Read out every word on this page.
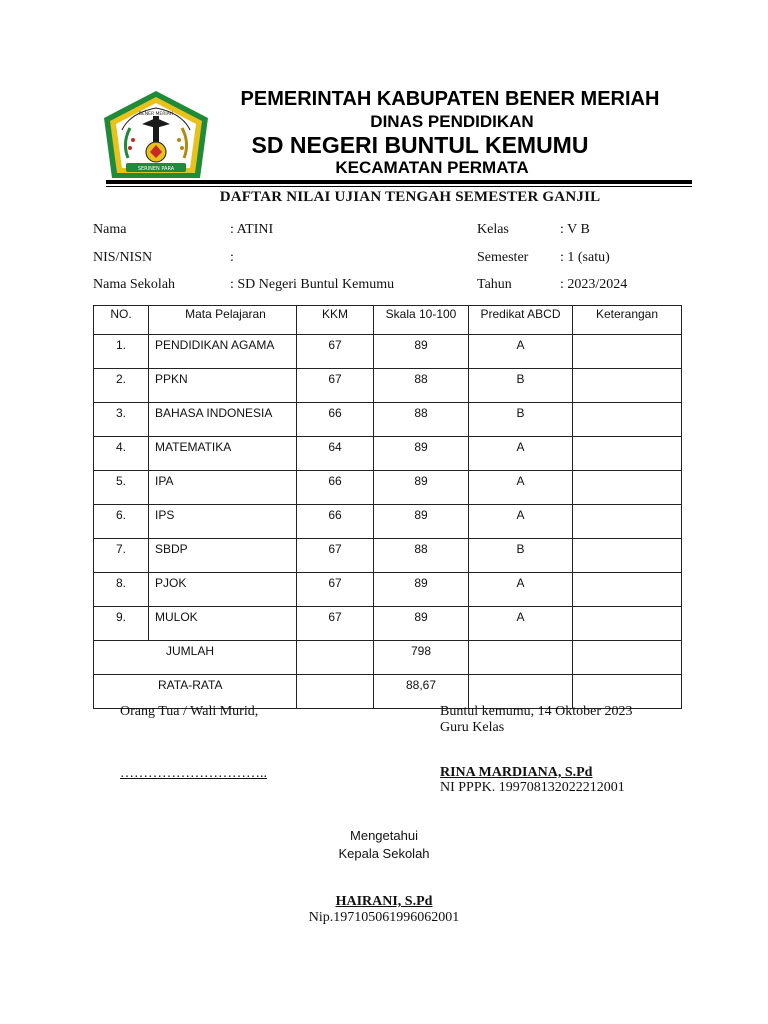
SERINEN PARA
BENER MERIAH
PEMERINTAH KABUPATEN BENER MERIAH
DINAS PENDIDIKAN
SD NEGERI BUNTUL KEMUMU
KECAMATAN PERMATA
DAFTAR NILAI UJIAN TENGAH SEMESTER GANJIL
Nama	: ATINI
NIS/NISN	:
Nama Sekolah	: SD Negeri Buntul Kemumu
Kelas	: V B
Semester : 1 (satu)
Tahun	: 2023/2024
NO.	Mata Pelajaran	KKM	Skala 10-100	Predikat ABCD	Keterangan
1.	PENDIDIKAN AGAMA	67	89	A	
2.	PPKN	67	88	B	
3.	BAHASA INDONESIA	66	88	B	
4.	MATEMATIKA	64	89	A	
5.	IPA	66	89	A	
6.	IPS	66	89	A	
7.	SBDP	67	88	B	
8.	PJOK	67	89	A	
9.	MULOK	67	89	A	
JUMLAH			798		
RATA-RATA			88,67		
Orang Tua / Wali Murid,
…………………………..
Buntul kemumu, 14 Oktober 2023
Guru Kelas
RINA MARDIANA, S.Pd
NI PPPK. 199708132022212001
Mengetahui
Kepala Sekolah
HAIRANI, S.Pd
Nip.197105061996062001
